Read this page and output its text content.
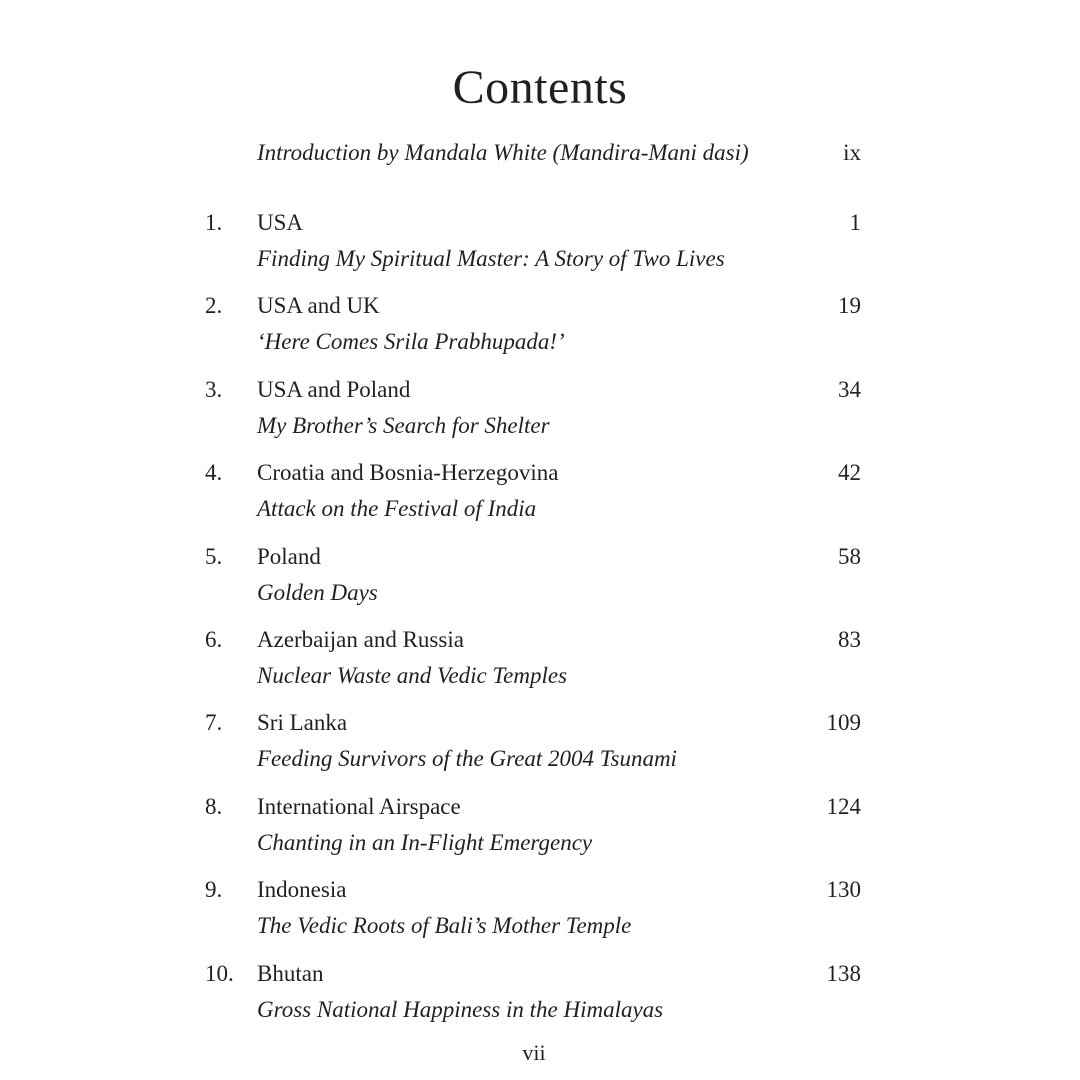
Contents
Introduction by Mandala White (Mandira-Mani dasi)	ix
1. USA	1
Finding My Spiritual Master: A Story of Two Lives
2. USA and UK	19
‘Here Comes Srila Prabhupada!’
3. USA and Poland	34
My Brother’s Search for Shelter
4. Croatia and Bosnia-Herzegovina	42
Attack on the Festival of India
5. Poland	58
Golden Days
6. Azerbaijan and Russia	83
Nuclear Waste and Vedic Temples
7. Sri Lanka	109
Feeding Survivors of the Great 2004 Tsunami
8. International Airspace	124
Chanting in an In-Flight Emergency
9. Indonesia	130
The Vedic Roots of Bali’s Mother Temple
10. Bhutan	138
Gross National Happiness in the Himalayas
vii
